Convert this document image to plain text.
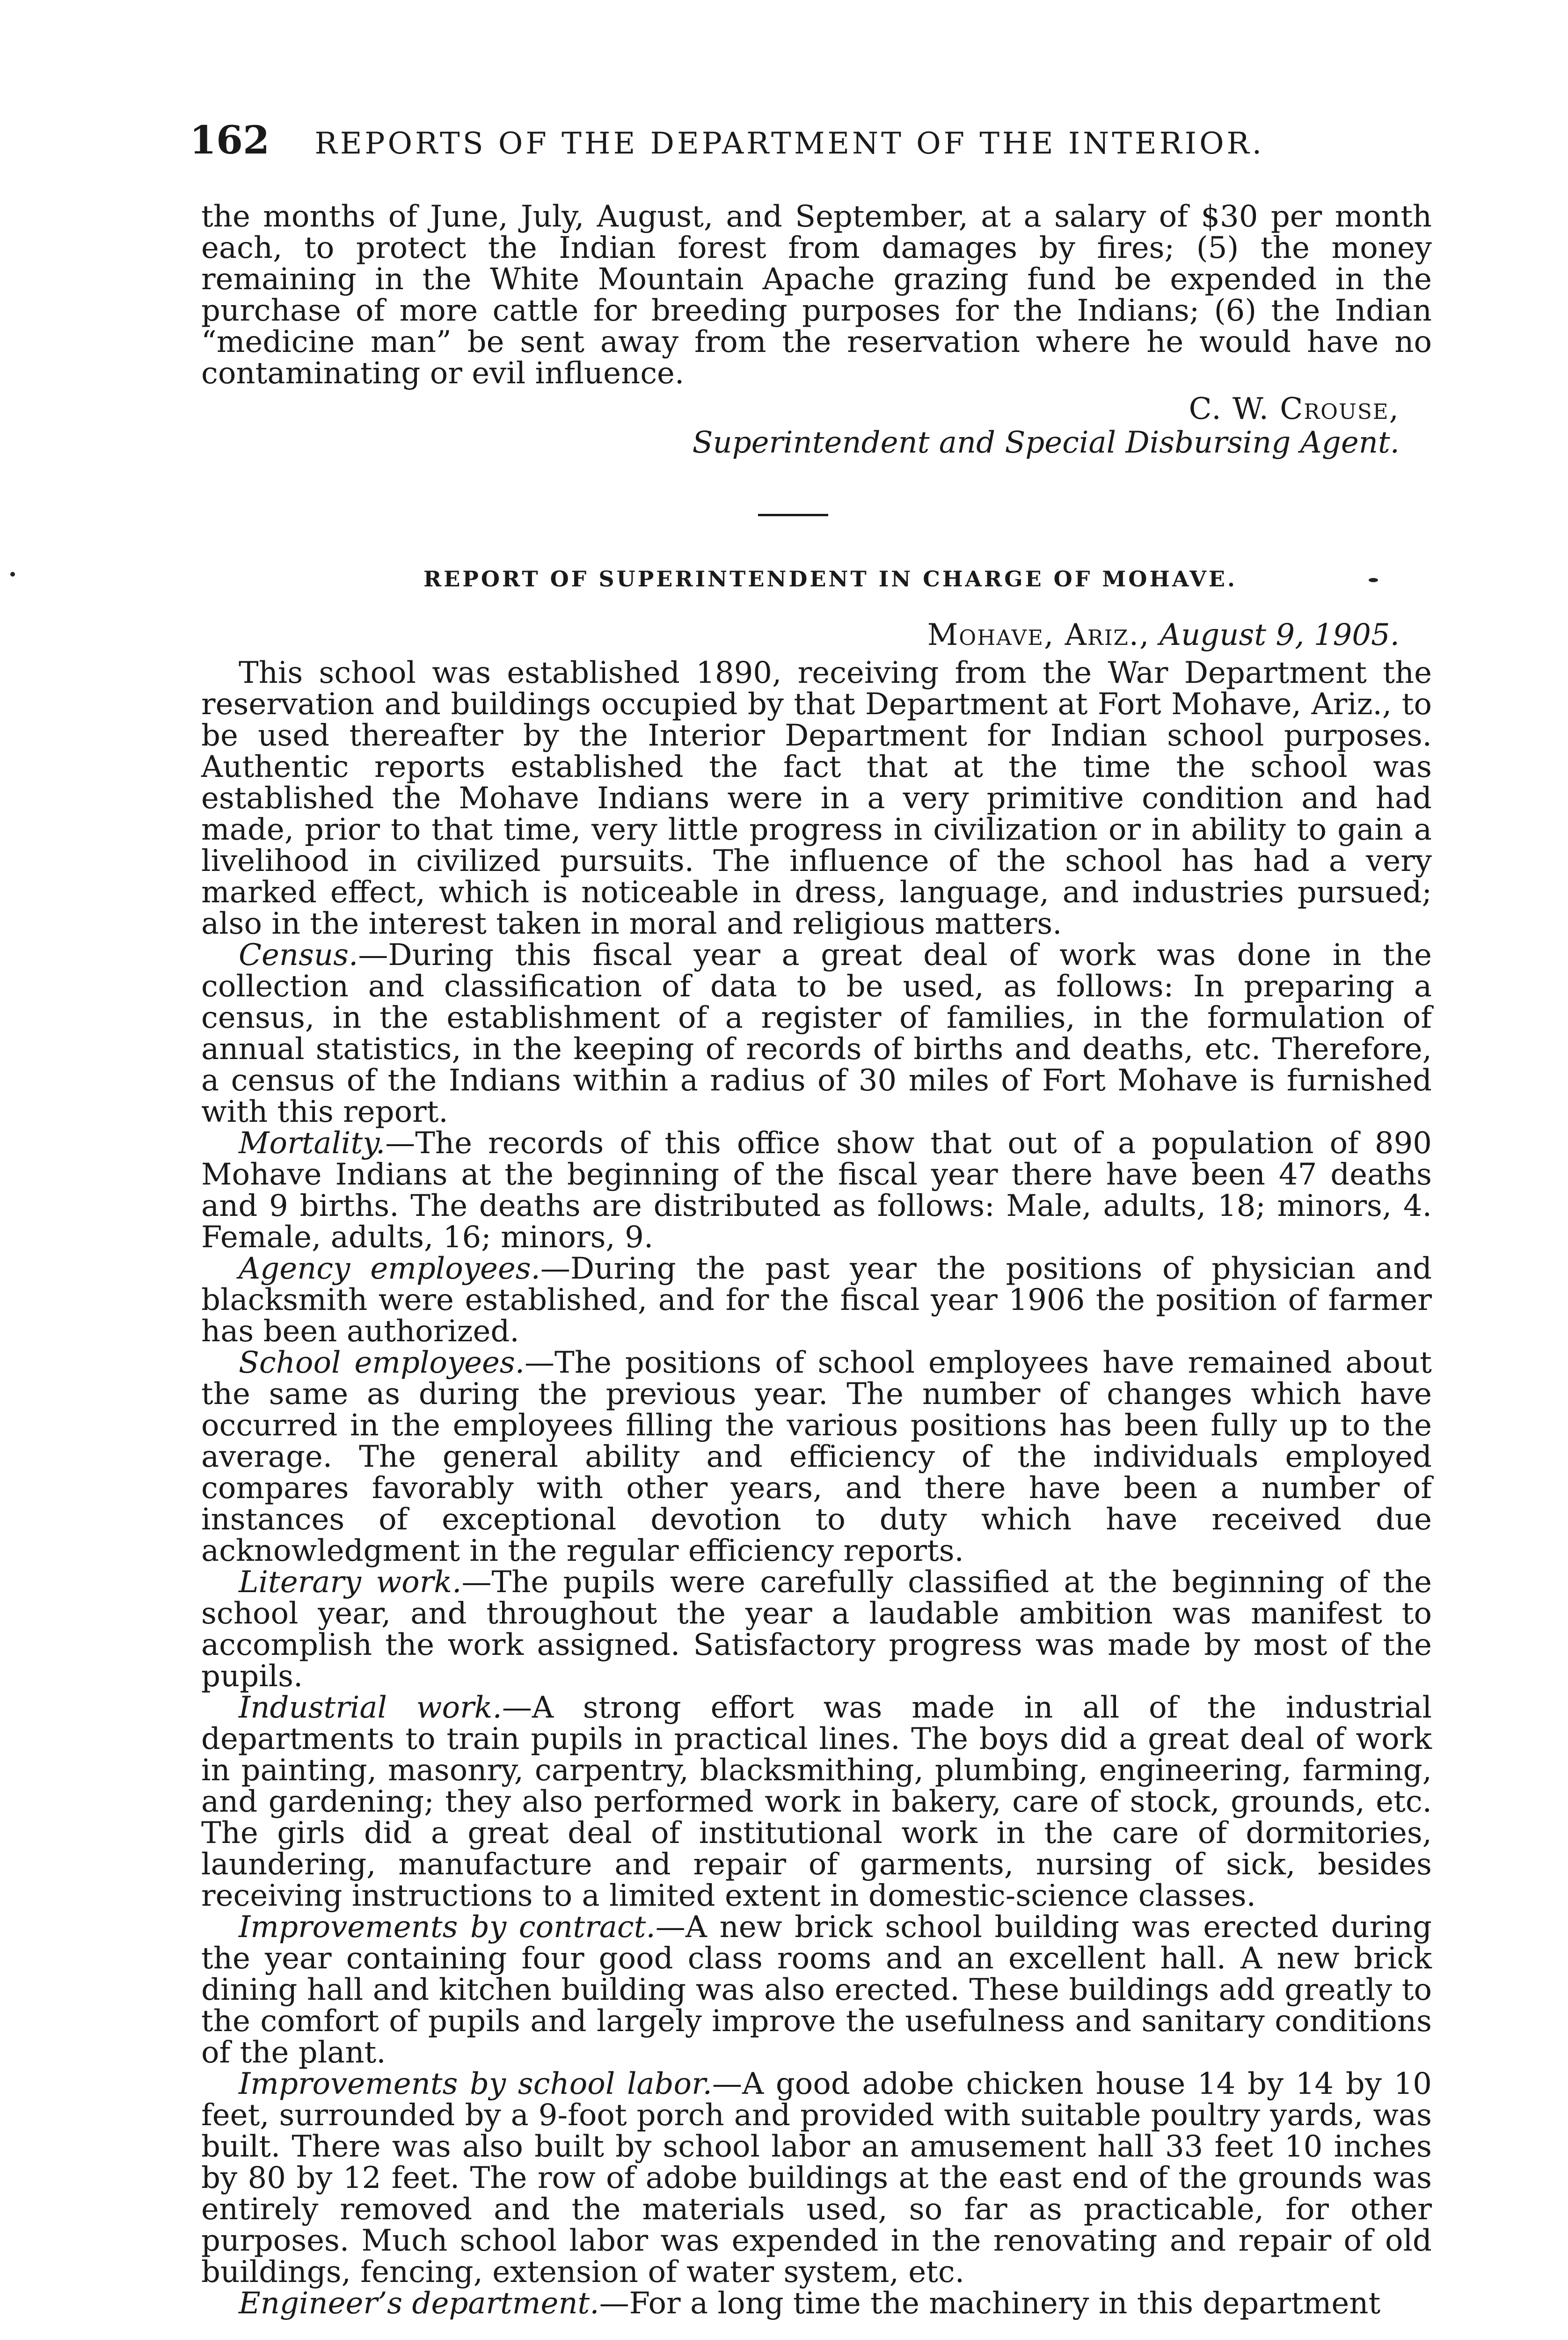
162 REPORTS OF THE DEPARTMENT OF THE INTERIOR.

the months of June, July, August, and September, at a salary of $30 per month each, to protect the Indian forest from damages by fires; (5) the money remaining in the White Mountain Apache grazing fund be expended in the purchase of more cattle for breeding purposes for the Indians; (6) the Indian “medicine man” be sent away from the reservation where he would have no contaminating or evil influence.

C. W. Crouse,
Superintendent and Special Disbursing Agent.
REPORT OF SUPERINTENDENT IN CHARGE OF MOHAVE.
Mohave, Ariz., August 9, 1905.

This school was established 1890, receiving from the War Department the reservation and buildings occupied by that Department at Fort Mohave, Ariz., to be used thereafter by the Interior Department for Indian school purposes. Authentic reports established the fact that at the time the school was established the Mohave Indians were in a very primitive condition and had made, prior to that time, very little progress in civilization or in ability to gain a livelihood in civilized pursuits. The influence of the school has had a very marked effect, which is noticeable in dress, language, and industries pursued; also in the interest taken in moral and religious matters.

Census.—During this fiscal year a great deal of work was done in the collection and classification of data to be used, as follows: In preparing a census, in the establishment of a register of families, in the formulation of annual statistics, in the keeping of records of births and deaths, etc. Therefore, a census of the Indians within a radius of 30 miles of Fort Mohave is furnished with this report.

Mortality.—The records of this office show that out of a population of 890 Mohave Indians at the beginning of the fiscal year there have been 47 deaths and 9 births. The deaths are distributed as follows: Male, adults, 18; minors, 4. Female, adults, 16; minors, 9.

Agency employees.—During the past year the positions of physician and blacksmith were established, and for the fiscal year 1906 the position of farmer has been authorized.

School employees.—The positions of school employees have remained about the same as during the previous year. The number of changes which have occurred in the employees filling the various positions has been fully up to the average. The general ability and efficiency of the individuals employed compares favorably with other years, and there have been a number of instances of exceptional devotion to duty which have received due acknowledgment in the regular efficiency reports.

Literary work.—The pupils were carefully classified at the beginning of the school year, and throughout the year a laudable ambition was manifest to accomplish the work assigned. Satisfactory progress was made by most of the pupils.

Industrial work.—A strong effort was made in all of the industrial departments to train pupils in practical lines. The boys did a great deal of work in painting, masonry, carpentry, blacksmithing, plumbing, engineering, farming, and gardening; they also performed work in bakery, care of stock, grounds, etc. The girls did a great deal of institutional work in the care of dormitories, laundering, manufacture and repair of garments, nursing of sick, besides receiving instructions to a limited extent in domestic-science classes.

Improvements by contract.—A new brick school building was erected during the year containing four good class rooms and an excellent hall. A new brick dining hall and kitchen building was also erected. These buildings add greatly to the comfort of pupils and largely improve the usefulness and sanitary conditions of the plant.

Improvements by school labor.—A good adobe chicken house 14 by 14 by 10 feet, surrounded by a 9-foot porch and provided with suitable poultry yards, was built. There was also built by school labor an amusement hall 33 feet 10 inches by 80 by 12 feet. The row of adobe buildings at the east end of the grounds was entirely removed and the materials used, so far as practicable, for other purposes. Much school labor was expended in the renovating and repair of old buildings, fencing, extension of water system, etc.

Engineer’s department.—For a long time the machinery in this department
